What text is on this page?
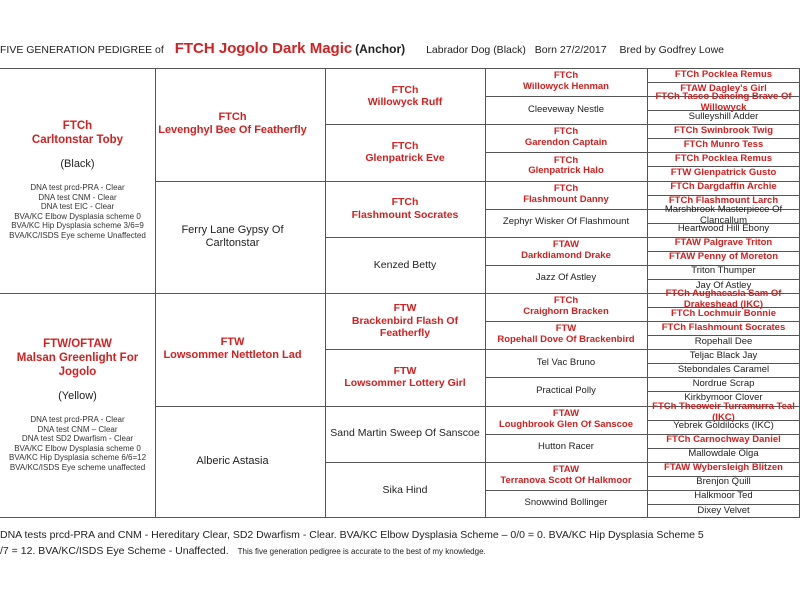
FIVE GENERATION PEDIGREE of FTCH Jogolo Dark Magic (Anchor) Labrador Dog (Black) Born 27/2/2017 Bred by Godfrey Lowe
FTCh
Carltonstar Toby
(Black)
DNA test prcd-PRA - Clear
DNA test CNM - Clear
DNA test EIC - Clear
BVA/KC Elbow Dysplasia scheme 0
BVA/KC Hip Dysplasia scheme 3/6=9
BVA/KC/ISDS Eye scheme Unaffected
FTW/OFTAW
Malsan Greenlight For Jogolo
(Yellow)
DNA test prcd-PRA - Clear
DNA test CNM – Clear
DNA test SD2 Dwarfism - Clear
BVA/KC Elbow Dysplasia scheme 0
BVA/KC Hip Dysplasia scheme 6/6=12
BVA/KC/ISDS Eye scheme unaffected
FTCh
Levenghyl Bee Of Featherfly
Ferry Lane Gypsy Of Carltonstar
FTW
Lowsommer Nettleton Lad
Alberic Astasia
FTCh
Willowyck Ruff
FTCh
Glenpatrick Eve
FTCh
Flashmount Socrates
Kenzed Betty
FTW
Brackenbird Flash Of Featherfly
FTW
Lowsommer Lottery Girl
Sand Martin Sweep Of Sanscoe
Sika Hind
FTCh
Willowyck Henman
Cleeveway Nestle
FTCh
Garendon Captain
FTCh
Glenpatrick Halo
FTCh
Flashmount Danny
Zephyr Wisker Of Flashmount
FTAW
Darkdiamond Drake
Jazz Of Astley
FTCh
Craighorn Bracken
FTW
Ropehall Dove Of Brackenbird
Tel Vac Bruno
Practical Polly
FTAW
Loughbrook Glen Of Sanscoe
Hutton Racer
FTAW
Terranova Scott Of Halkmoor
Snowwind Bollinger
FTCh Pocklea Remus
FTAW Dagley's Girl
FTCh Tasco Dancing Brave Of Willowyck
Sulleyshill Adder
FTCh Swinbrook Twig
FTCh Munro Tess
FTCh Pocklea Remus
FTW Glenpatrick Gusto
FTCh Dargdaffin Archie
FTCh Flashmount Larch
Marshbrook Masterpiece Of Clancallum
Heartwood Hill Ebony
FTAW Palgrave Triton
FTAW Penny of Moreton
Triton Thumper
Jay Of Astley
FTCh Aughacasla Sam Of Drakeshead (IKC)
FTCh Lochmuir Bonnie
FTCh Flashmount Socrates
Ropehall Dee
Teljac Black Jay
Stebondales Caramel
Nordrue Scrap
Kirkbymoor Clover
FTCh Theoweir Turramurra Teal (IKC)
Yebrek Goldilocks (IKC)
FTCh Carnochway Daniel
Mallowdale Olga
FTAW Wybersleigh Blitzen
Brenjon Quill
Halkmoor Ted
Dixey Velvet
DNA tests prcd-PRA and CNM - Hereditary Clear, SD2 Dwarfism - Clear. BVA/KC Elbow Dysplasia Scheme – 0/0 = 0. BVA/KC Hip Dysplasia Scheme 5
/7 = 12. BVA/KC/ISDS Eye Scheme - Unaffected. This five generation pedigree is accurate to the best of my knowledge.
